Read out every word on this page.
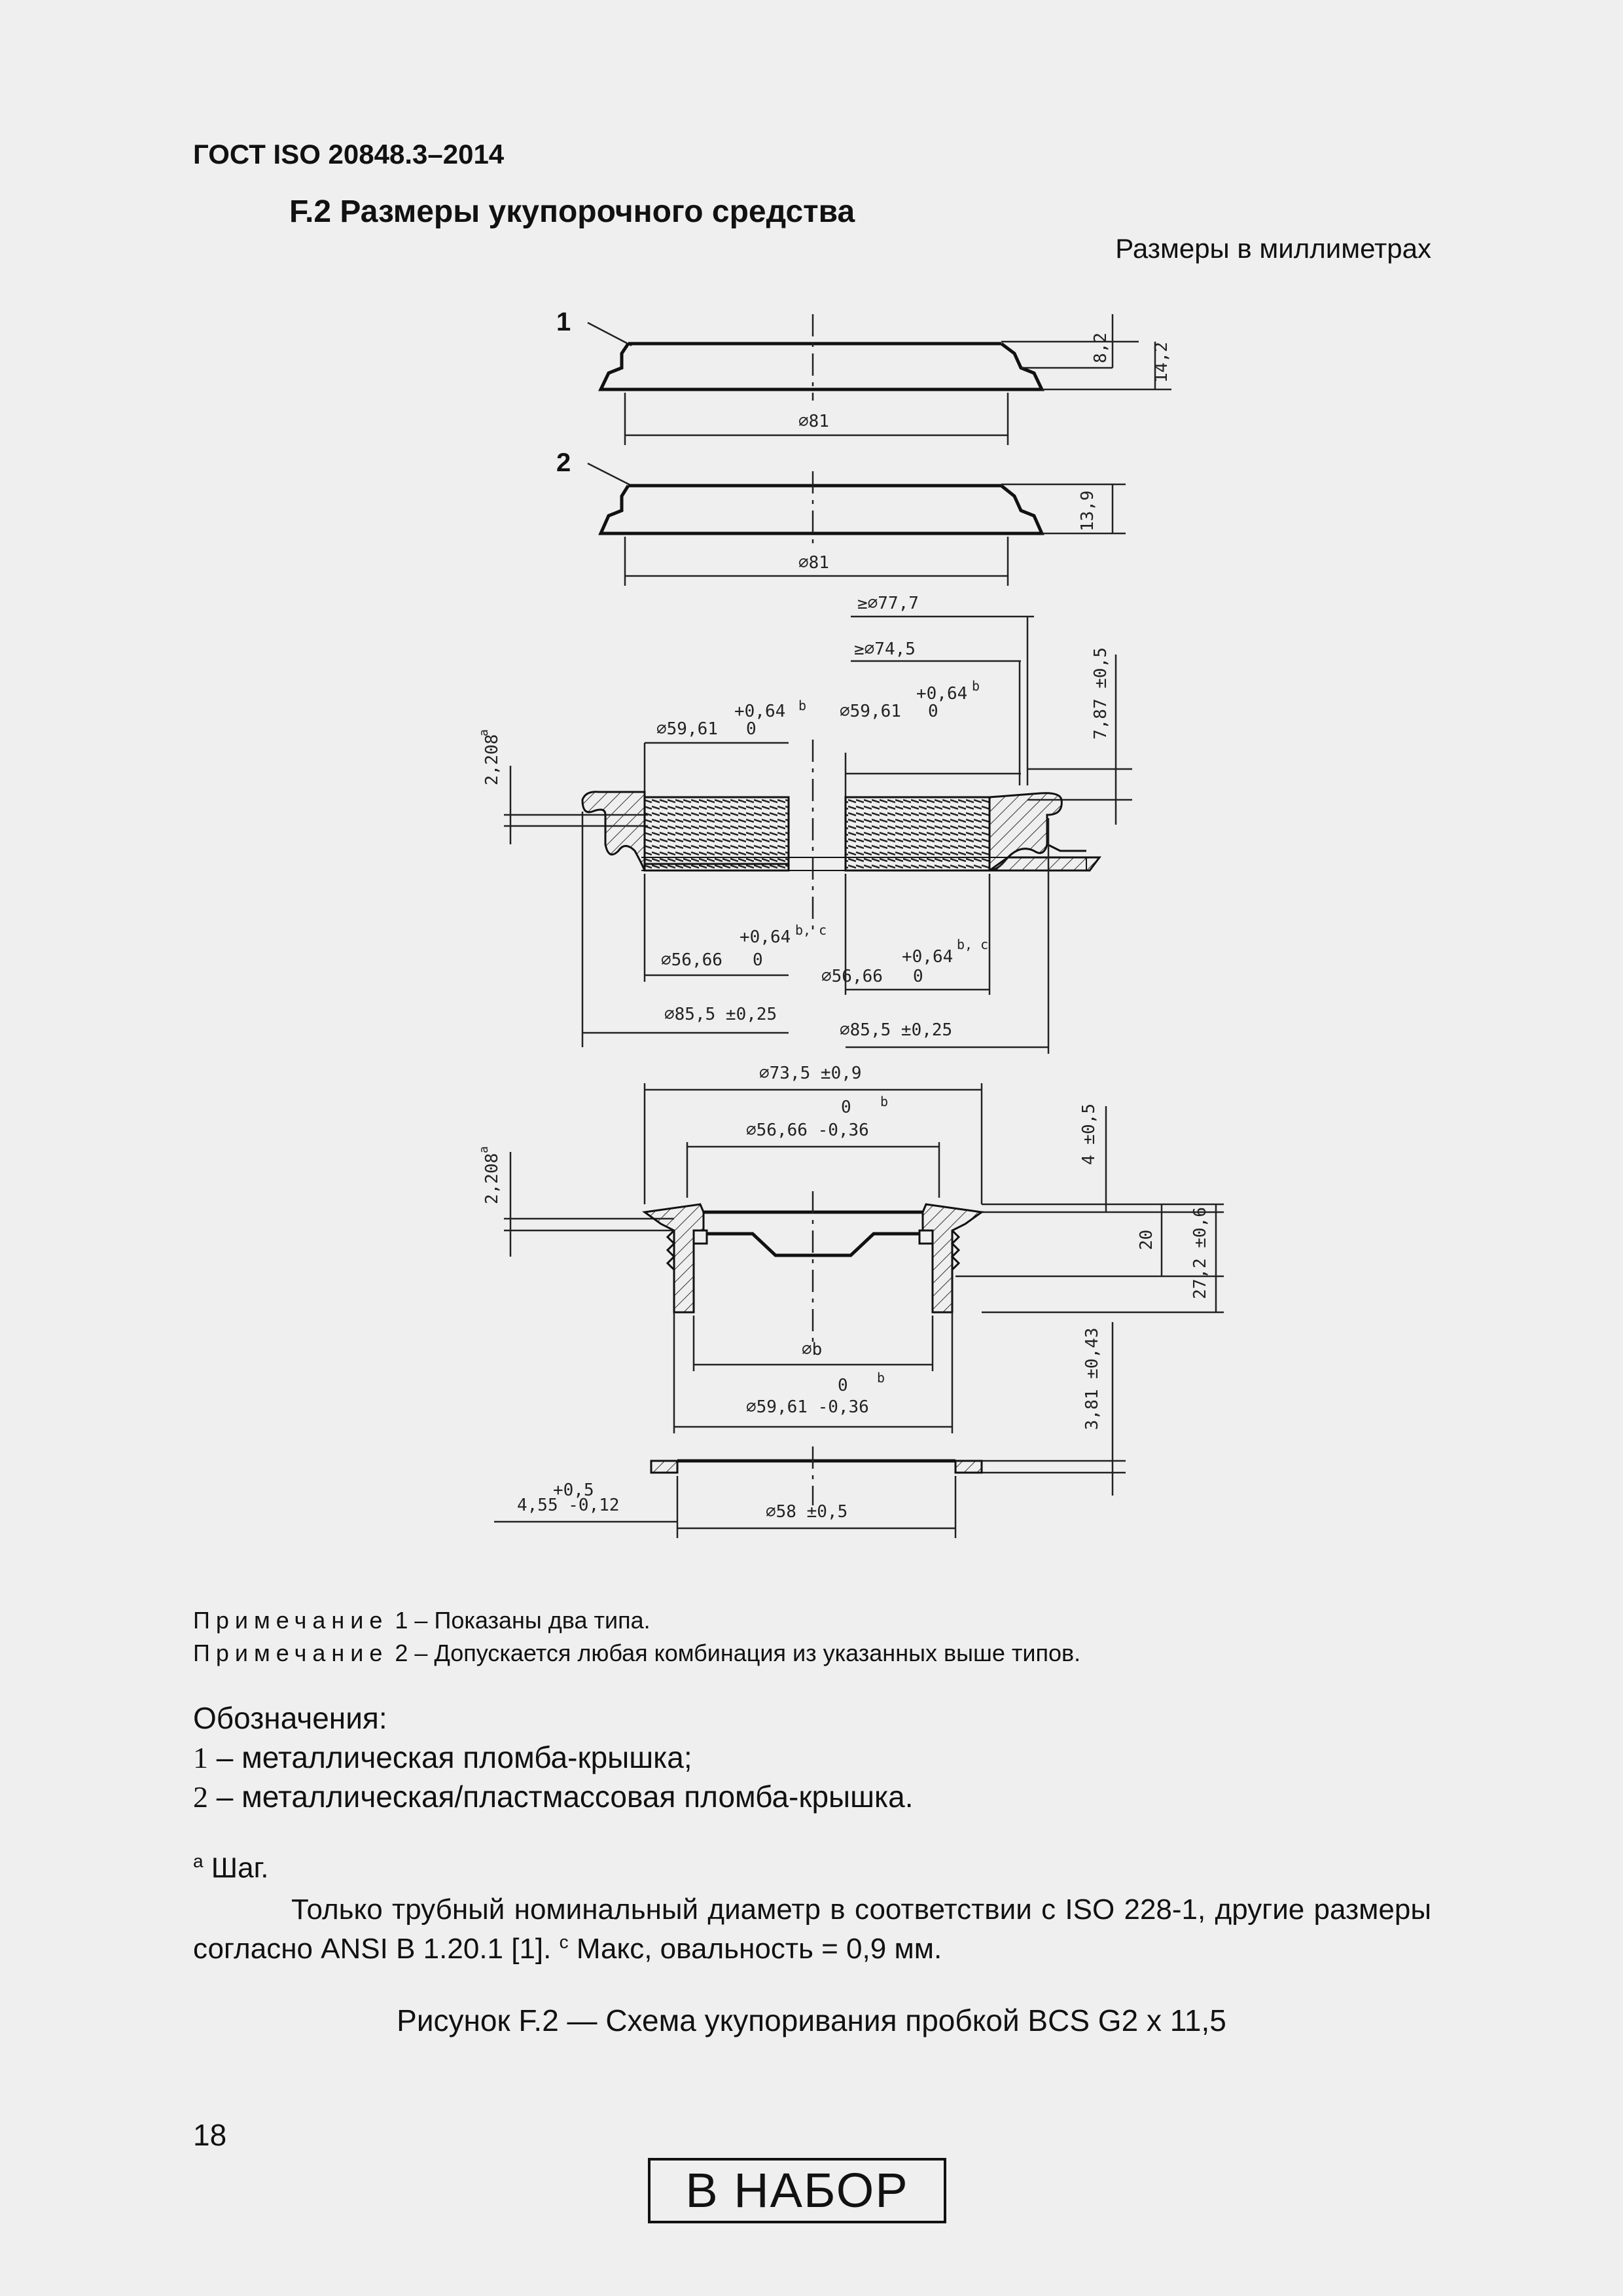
ГОСТ ISO 20848.3–2014
F.2 Размеры укупорочного средства
Размеры в миллиметрах
1
8,2 14,2
⌀81
2
13,9
⌀81
≥⌀77,7
≥⌀74,5	7,87 ±0,5
2,208
a	⌀59,61
+0,64 b
0
⌀59,61
+0,64 b
0
⌀56,66
+0,64 b, c
0
⌀56,66
+0,64
b, c
0
⌀85,5 ±0,25
⌀85,5 ±0,25
⌀73,5 ±0,9
0 b
⌀56,66 -0,36	4 ±0,5
2,208
a
20 27,2 ±0,6
⌀b
0 b
⌀59,61 -0,36	3,81 ±0,43
4,55 -0,12
+0,5
⌀58 ±0,5
Примечание 1 – Показаны два типа.
Примечание 2 – Допускается любая комбинация из указанных выше типов.
Обозначения:
1 – металлическая пломба-крышка;
2 – металлическая/пластмассовая пломба-крышка.
$^a$ Шаг.
Только трубный номинальный диаметр в соответствии с ISO 228-1, другие размеры согласно ANSI B 1.20.1 [1]. $^c$ Макс, овальность = 0,9 мм.
Рисунок F.2 — Схема укупоривания пробкой BCS G2 x 11,5
18
В НАБОР
